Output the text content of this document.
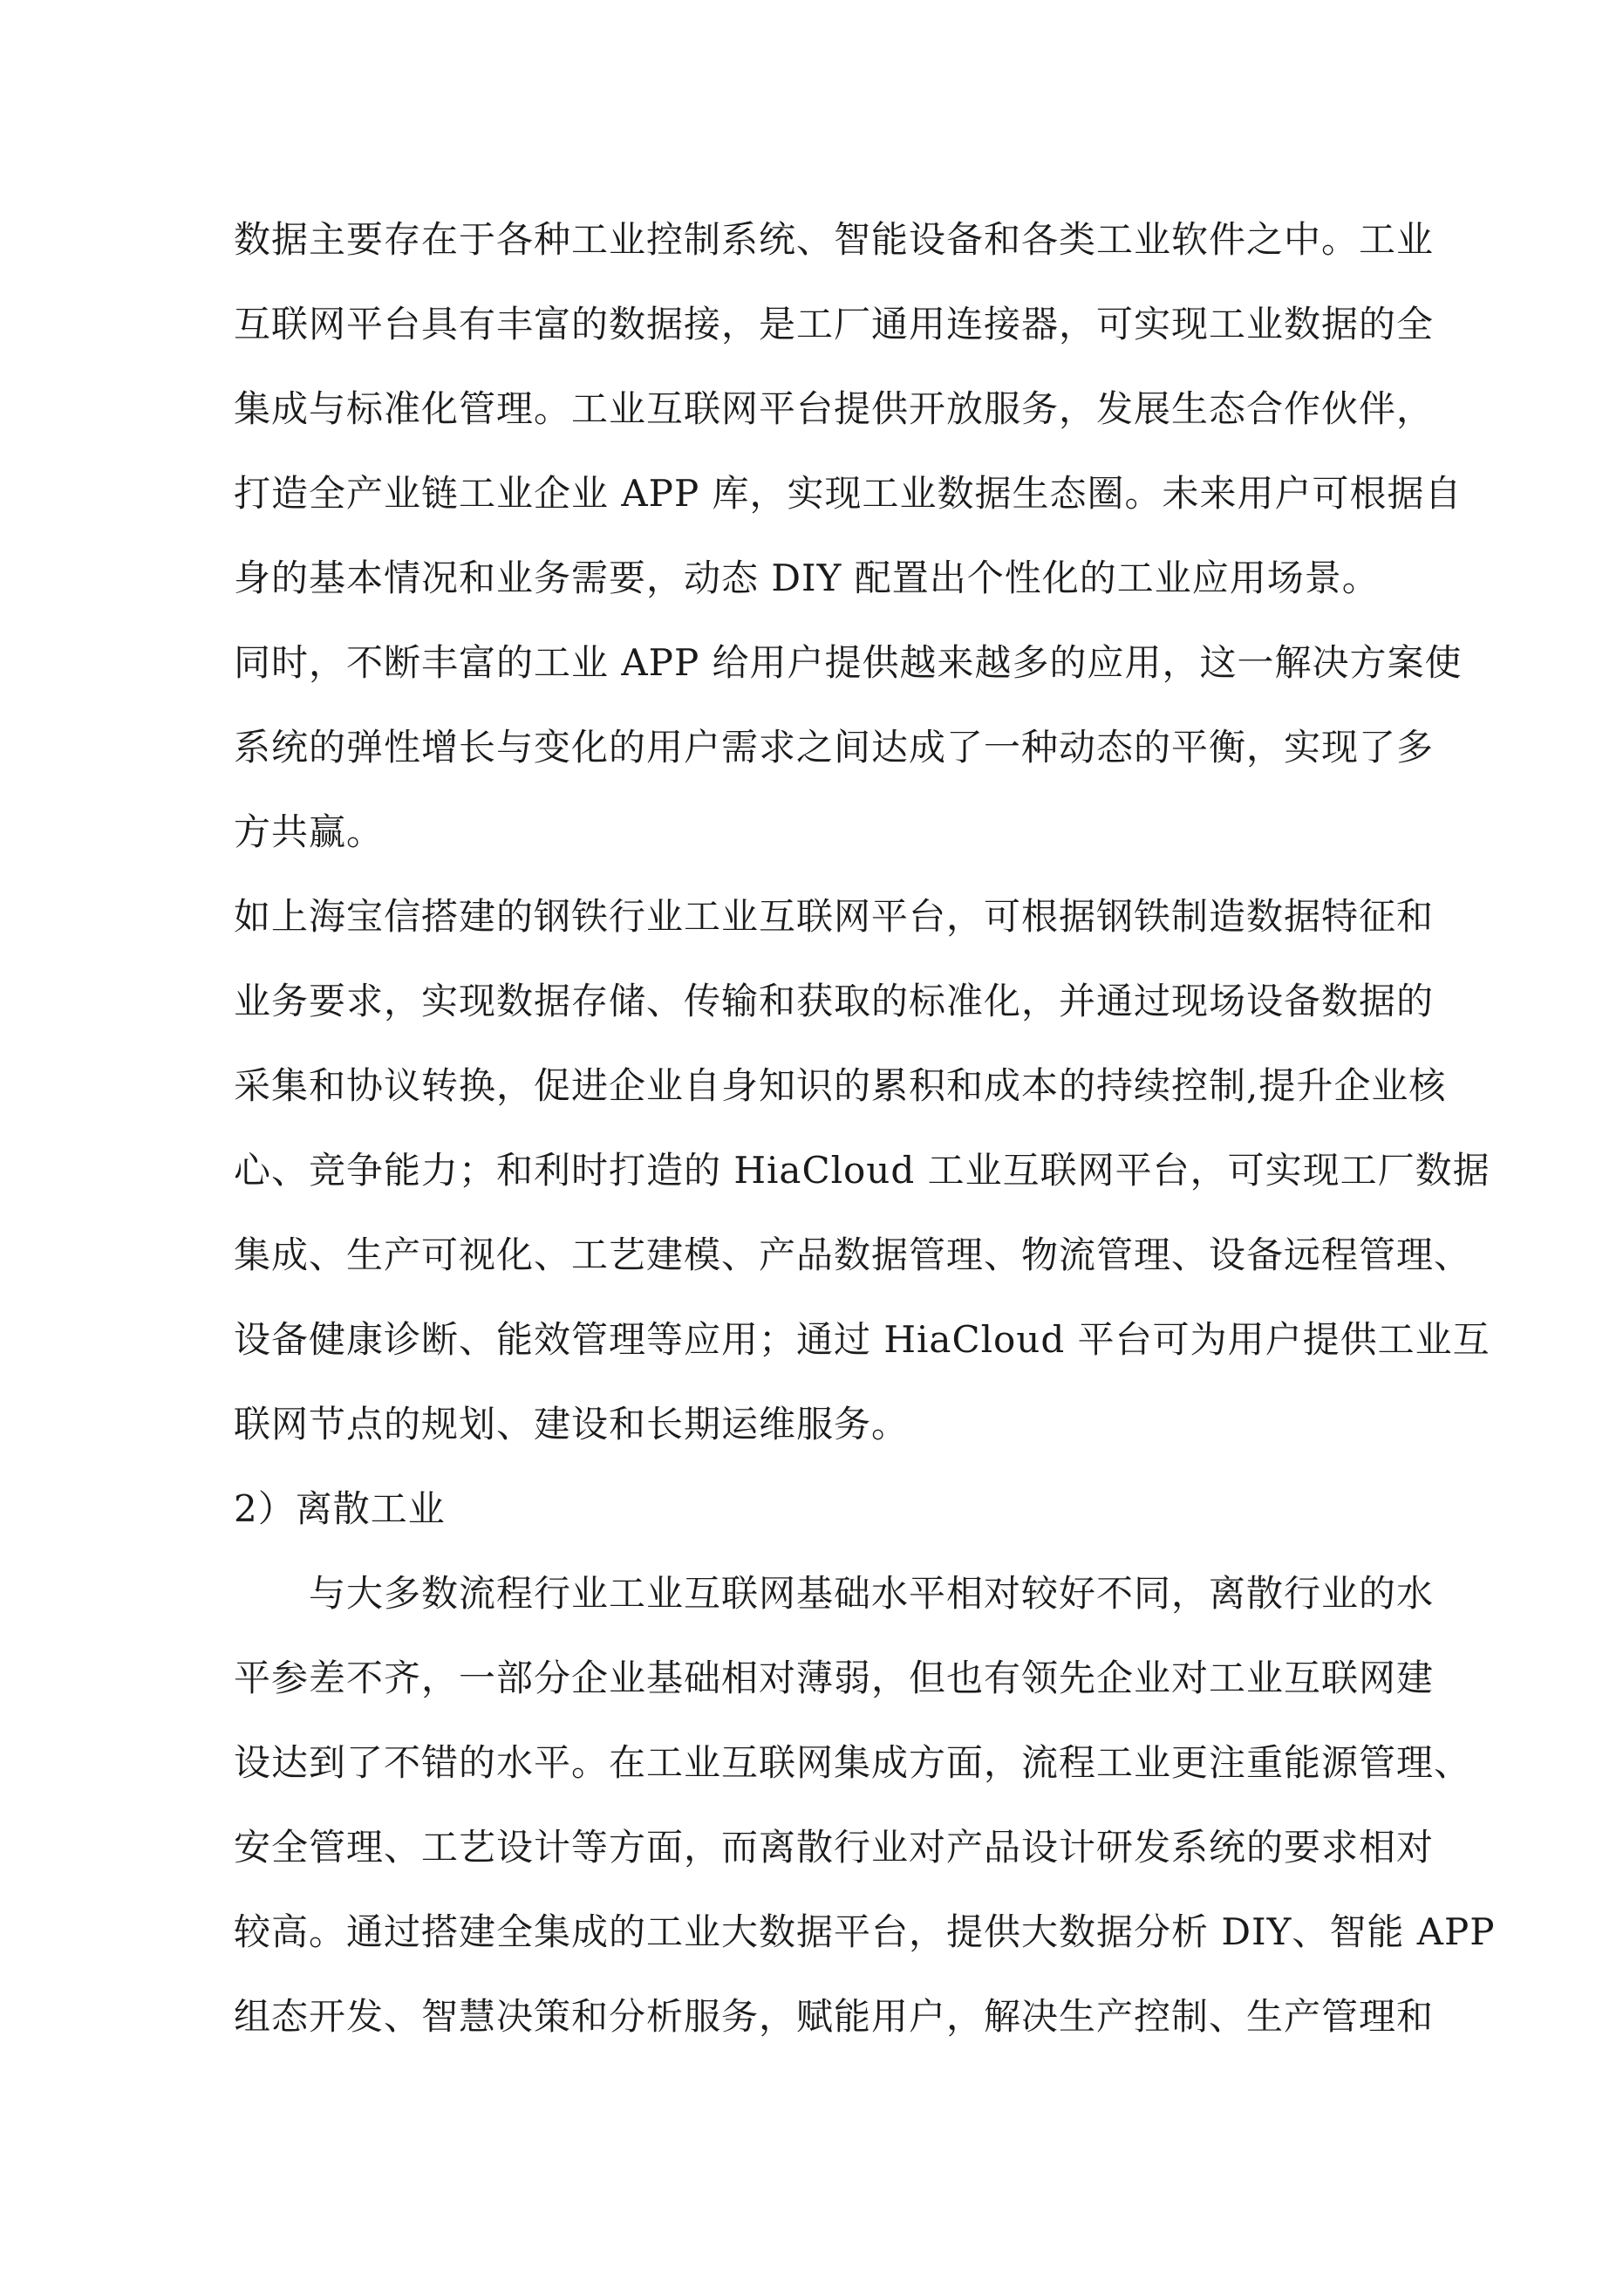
数据主要存在于各种工业控制系统、智能设备和各类工业软件之中。工业
互联网平台具有丰富的数据接，是工厂通用连接器，可实现工业数据的全
集成与标准化管理。工业互联网平台提供开放服务，发展生态合作伙伴，
打造全产业链工业企业 APP 库，实现工业数据生态圈。未来用户可根据自
身的基本情况和业务需要，动态 DIY 配置出个性化的工业应用场景。
同时，不断丰富的工业 APP 给用户提供越来越多的应用，这一解决方案使
系统的弹性增长与变化的用户需求之间达成了一种动态的平衡，实现了多
方共赢。
如上海宝信搭建的钢铁行业工业互联网平台，可根据钢铁制造数据特征和
业务要求，实现数据存储、传输和获取的标准化，并通过现场设备数据的
采集和协议转换，促进企业自身知识的累积和成本的持续控制,提升企业核
心、竞争能力；和利时打造的 HiaCloud 工业互联网平台，可实现工厂数据
集成、生产可视化、工艺建模、产品数据管理、物流管理、设备远程管理、
设备健康诊断、能效管理等应用；通过 HiaCloud 平台可为用户提供工业互
联网节点的规划、建设和长期运维服务。
2）离散工业
　　与大多数流程行业工业互联网基础水平相对较好不同，离散行业的水
平参差不齐，一部分企业基础相对薄弱，但也有领先企业对工业互联网建
设达到了不错的水平。在工业互联网集成方面，流程工业更注重能源管理、
安全管理、工艺设计等方面，而离散行业对产品设计研发系统的要求相对
较高。通过搭建全集成的工业大数据平台，提供大数据分析 DIY、智能 APP
组态开发、智慧决策和分析服务，赋能用户，解决生产控制、生产管理和
